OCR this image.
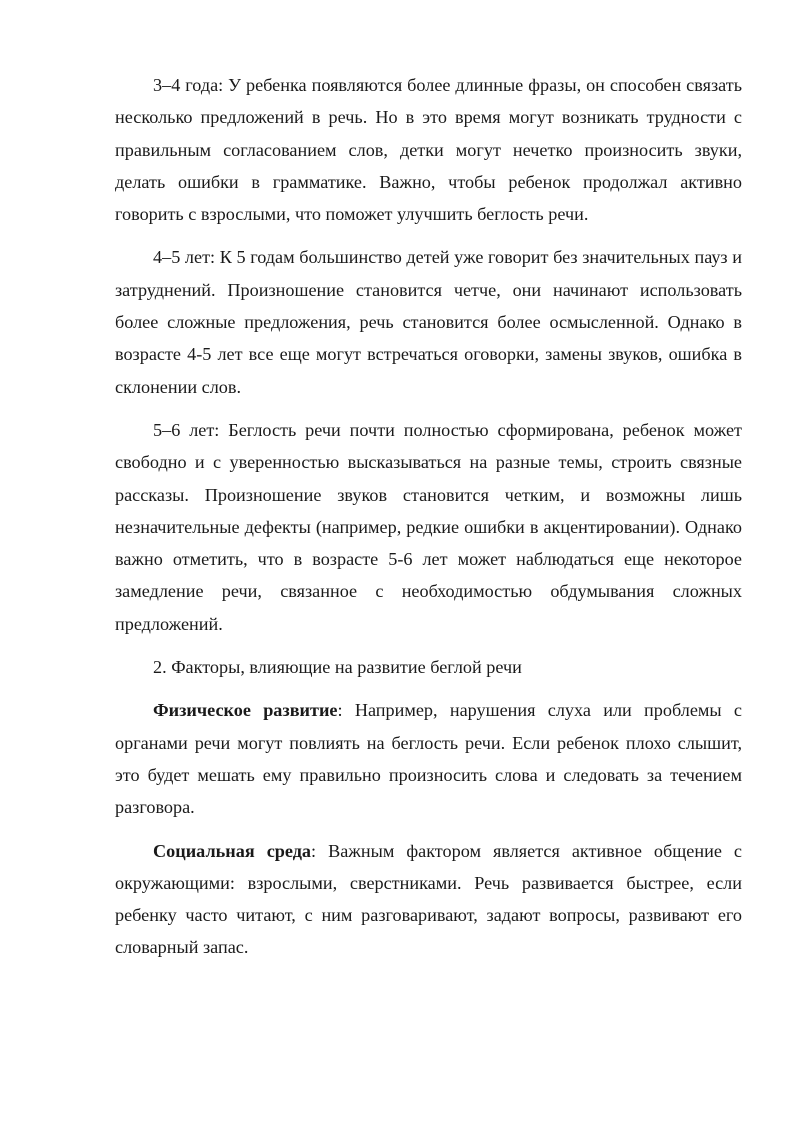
3–4 года: У ребенка появляются более длинные фразы, он способен связать несколько предложений в речь. Но в это время могут возникать трудности с правильным согласованием слов, детки могут нечетко произносить звуки, делать ошибки в грамматике. Важно, чтобы ребенок продолжал активно говорить с взрослыми, что поможет улучшить беглость речи.

4–5 лет: К 5 годам большинство детей уже говорит без значительных пауз и затруднений. Произношение становится четче, они начинают использовать более сложные предложения, речь становится более осмысленной. Однако в возрасте 4-5 лет все еще могут встречаться оговорки, замены звуков, ошибка в склонении слов.

5–6 лет: Беглость речи почти полностью сформирована, ребенок может свободно и с уверенностью высказываться на разные темы, строить связные рассказы. Произношение звуков становится четким, и возможны лишь незначительные дефекты (например, редкие ошибки в акцентировании). Однако важно отметить, что в возрасте 5-6 лет может наблюдаться еще некоторое замедление речи, связанное с необходимостью обдумывания сложных предложений.

2. Факторы, влияющие на развитие беглой речи

Физическое развитие: Например, нарушения слуха или проблемы с органами речи могут повлиять на беглость речи. Если ребенок плохо слышит, это будет мешать ему правильно произносить слова и следовать за течением разговора.

Социальная среда: Важным фактором является активное общение с окружающими: взрослыми, сверстниками. Речь развивается быстрее, если ребенку часто читают, с ним разговаривают, задают вопросы, развивают его словарный запас.
